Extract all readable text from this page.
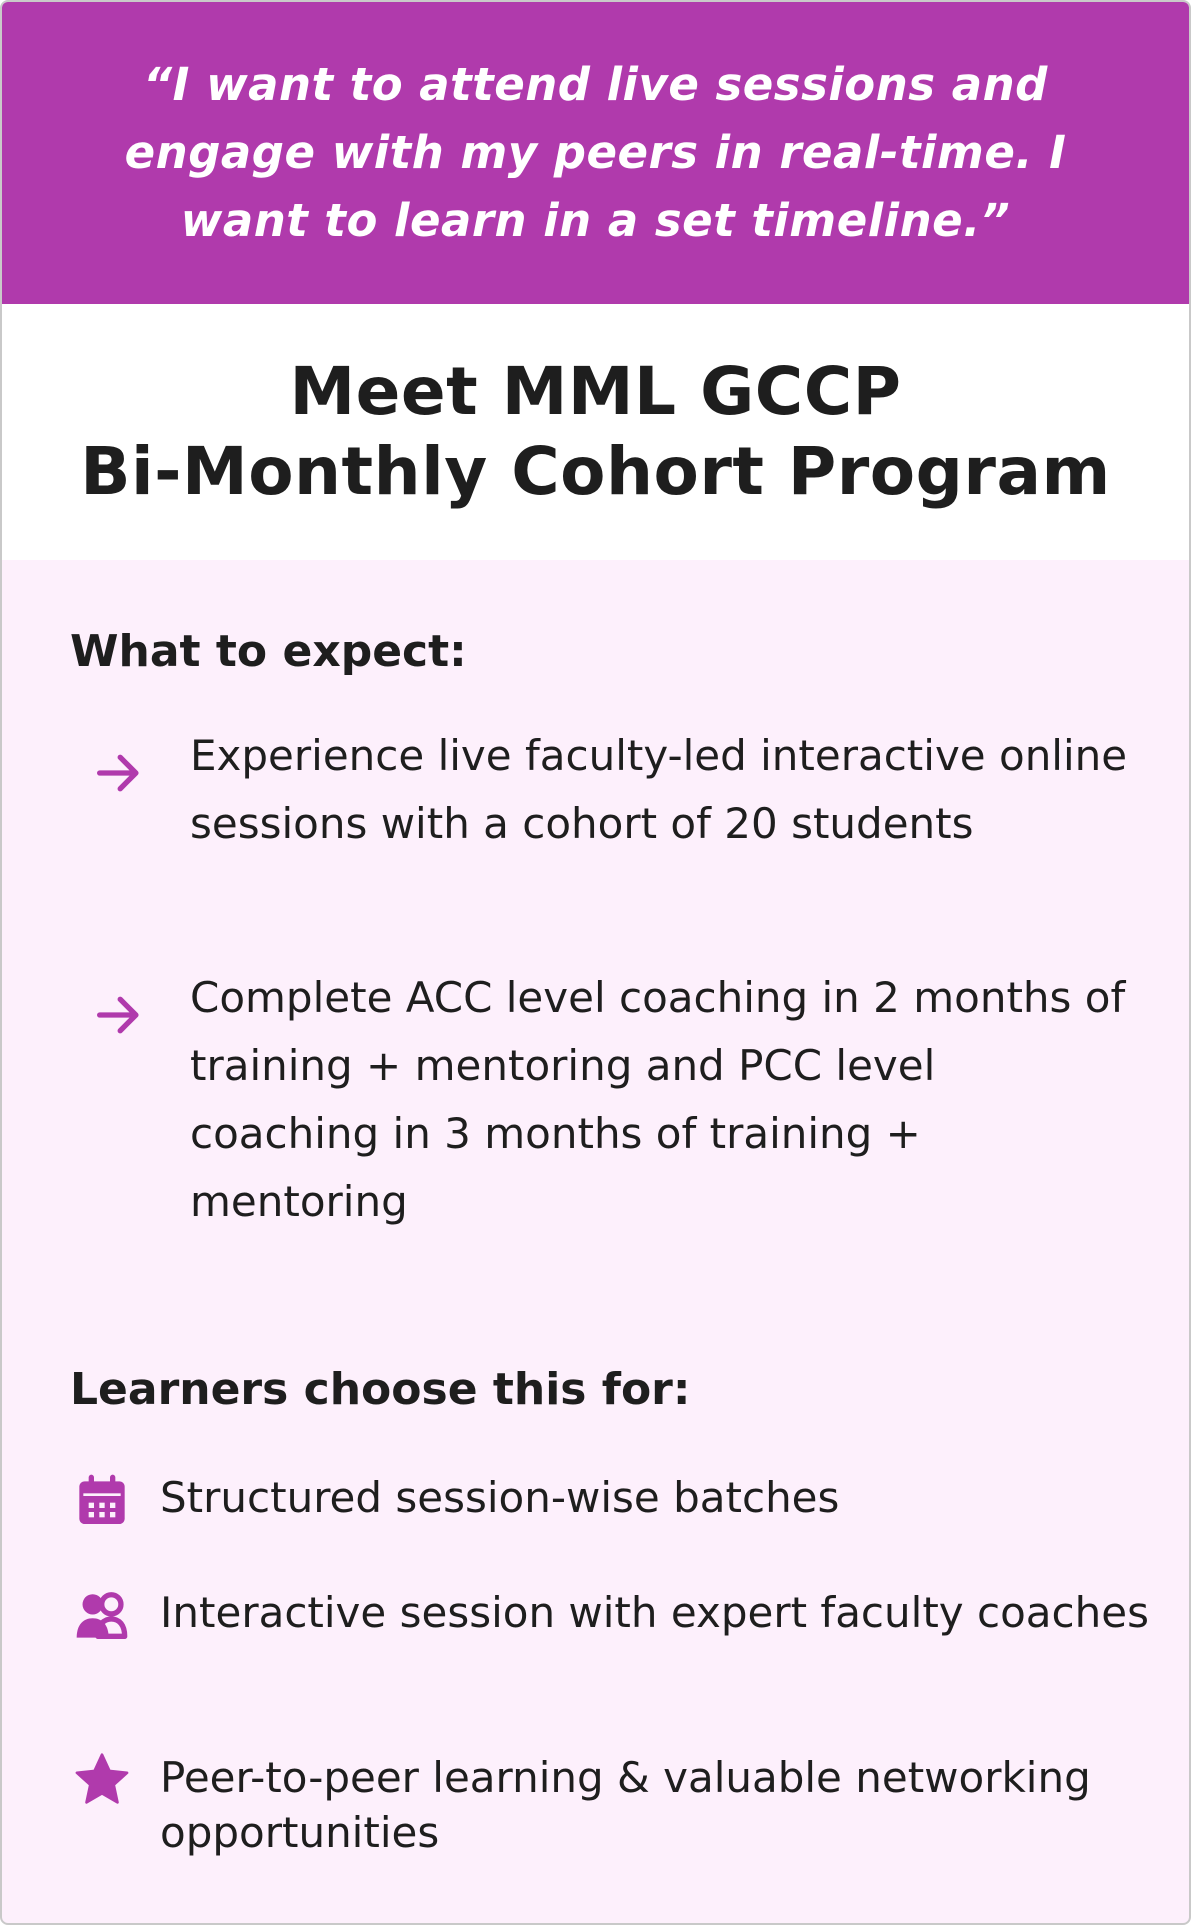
“I want to attend live sessions and engage with my peers in real-time. I want to learn in a set timeline.”

Meet MML GCCP
Bi-Monthly Cohort Program
What to expect:

Experience live faculty-led interactive online sessions with a cohort of 20 students

Complete ACC level coaching in 2 months of training + mentoring and PCC level coaching in 3 months of training + mentoring

Learners choose this for:

Structured session-wise batches

Interactive session with expert faculty coaches

Peer-to-peer learning & valuable networking opportunities
